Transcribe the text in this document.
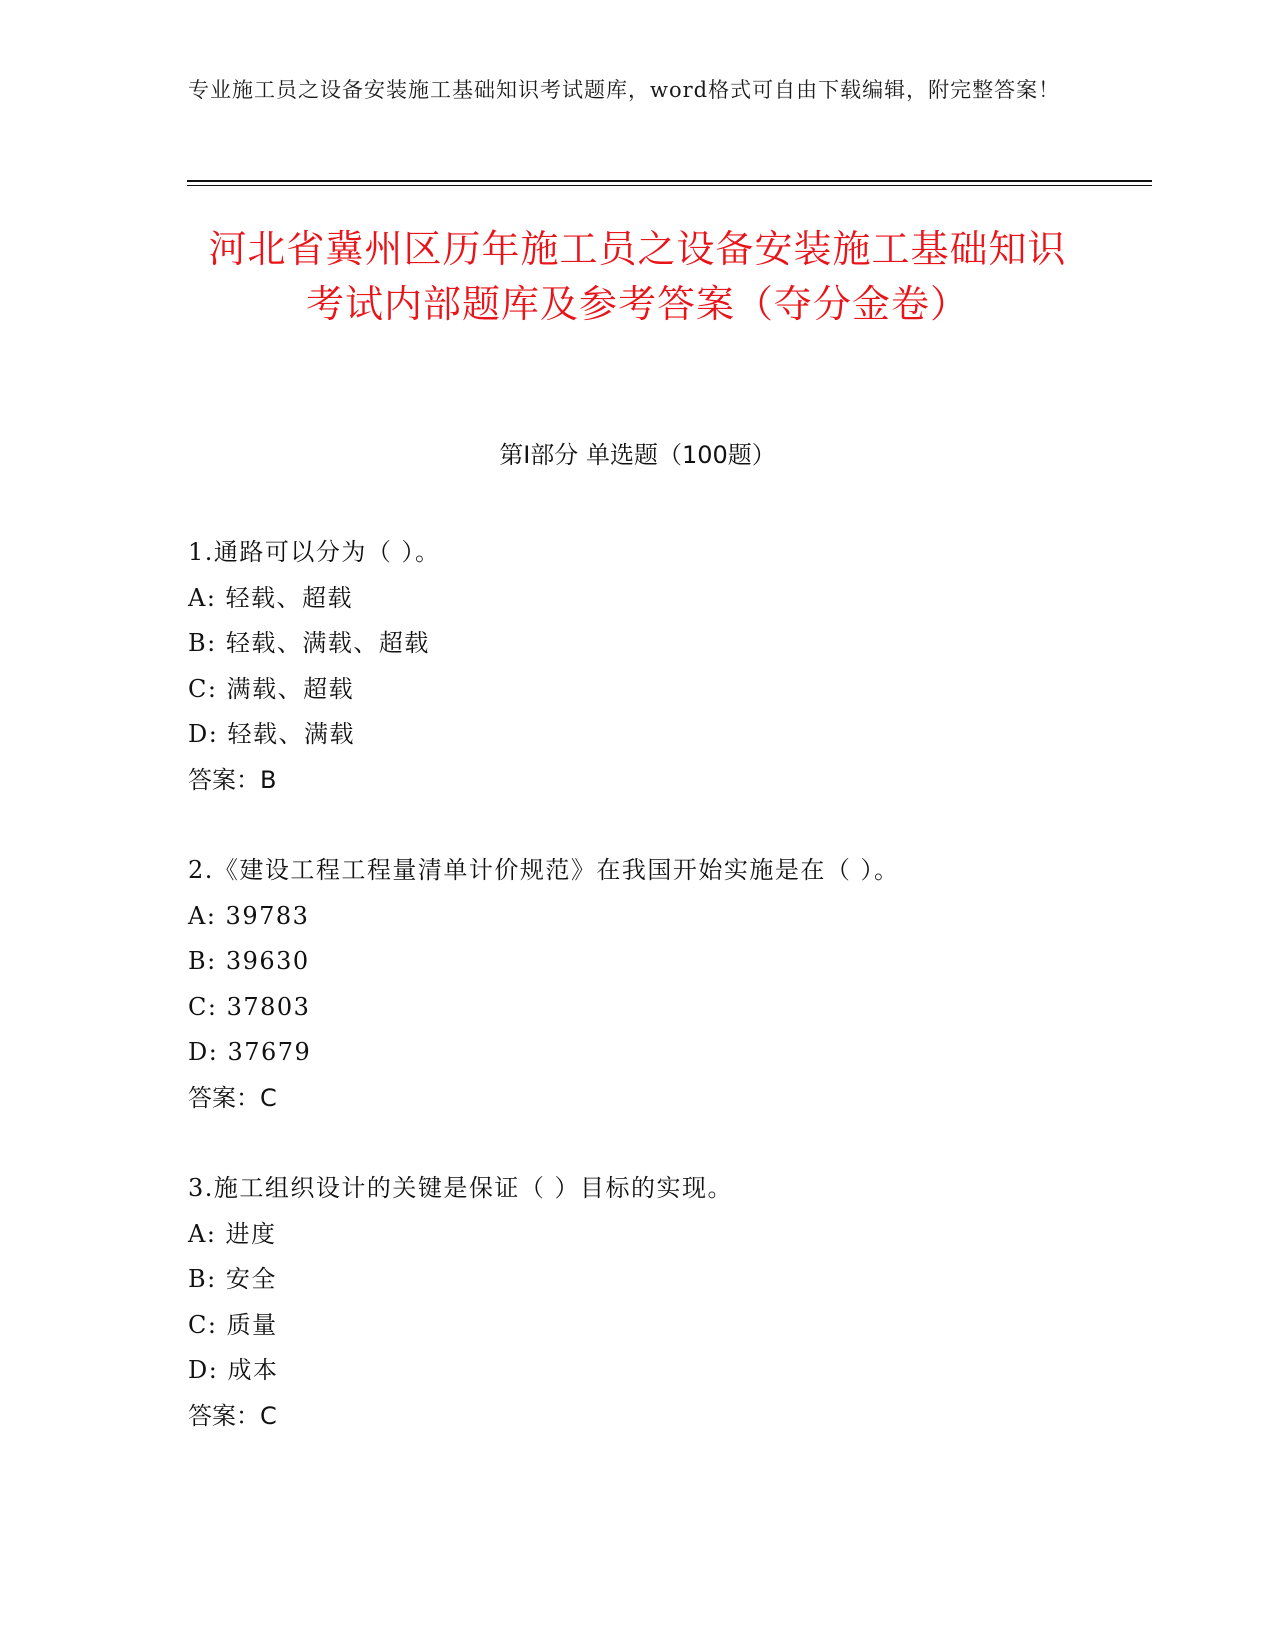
专业施工员之设备安装施工基础知识考试题库，word格式可自由下载编辑，附完整答案！
河北省冀州区历年施工员之设备安装施工基础知识考试内部题库及参考答案（夺分金卷）
第Ⅰ部分 单选题（100题）
1.通路可以分为（ ）。
A: 轻载、超载
B: 轻载、满载、超载
C: 满载、超载
D: 轻载、满载
答案：B
2.《建设工程工程量清单计价规范》在我国开始实施是在（ ）。
A: 39783
B: 39630
C: 37803
D: 37679
答案：C
3.施工组织设计的关键是保证（ ）目标的实现。
A: 进度
B: 安全
C: 质量
D: 成本
答案：C
